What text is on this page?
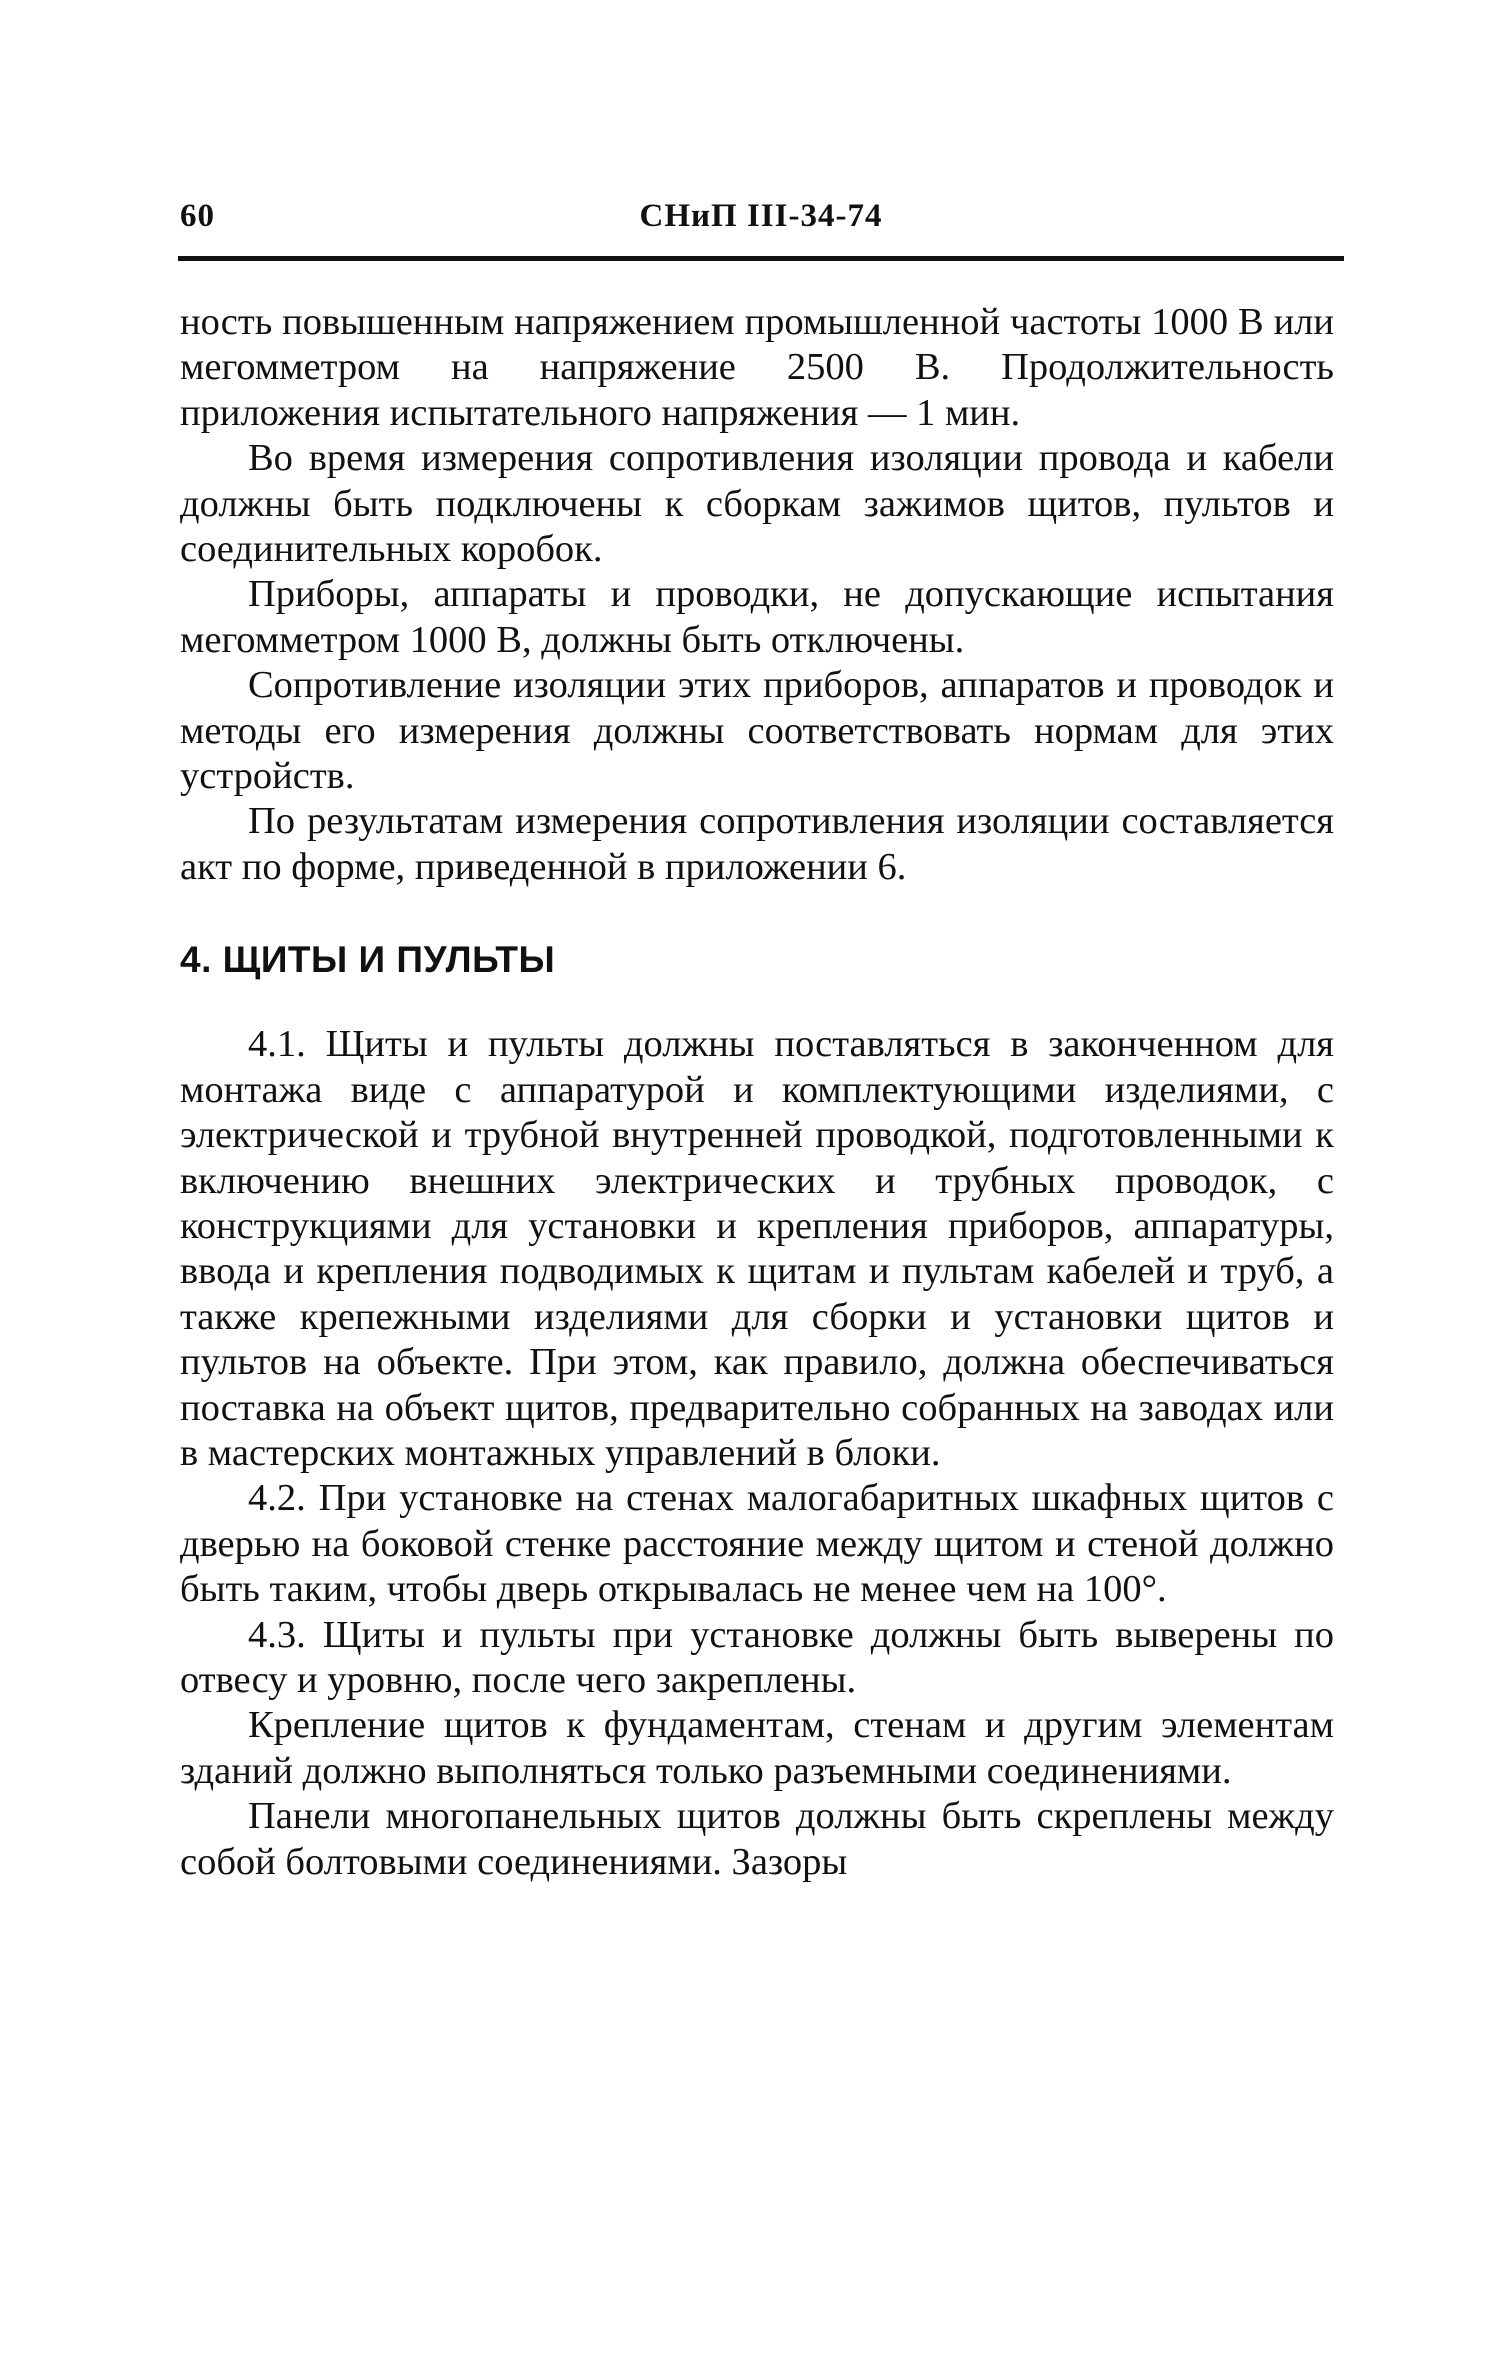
60	СНиП III-34-74

ность повышенным напряжением промышленной частоты 1000 В или мегомметром на напряжение 2500 В. Продолжительность приложения испытательного напряжения — 1 мин.

Во время измерения сопротивления изоляции провода и кабели должны быть подключены к сборкам зажимов щитов, пультов и соединительных коробок.

Приборы, аппараты и проводки, не допускающие испытания мегомметром 1000 В, должны быть отключены.

Сопротивление изоляции этих приборов, аппаратов и проводок и методы его измерения должны соответствовать нормам для этих устройств.

По результатам измерения сопротивления изоляции составляется акт по форме, приведенной в приложении 6.

4. ЩИТЫ И ПУЛЬТЫ

4.1. Щиты и пульты должны поставляться в законченном для монтажа виде с аппаратурой и комплектующими изделиями, с электрической и трубной внутренней проводкой, подготовленными к включению внешних электрических и трубных проводок, с конструкциями для установки и крепления приборов, аппаратуры, ввода и крепления подводимых к щитам и пультам кабелей и труб, а также крепежными изделиями для сборки и установки щитов и пультов на объекте. При этом, как правило, должна обеспечиваться поставка на объект щитов, предварительно собранных на заводах или в мастерских монтажных управлений в блоки.

4.2. При установке на стенах малогабаритных шкафных щитов с дверью на боковой стенке расстояние между щитом и стеной должно быть таким, чтобы дверь открывалась не менее чем на 100°.

4.3. Щиты и пульты при установке должны быть выверены по отвесу и уровню, после чего закреплены.

Крепление щитов к фундаментам, стенам и другим элементам зданий должно выполняться только разъемными соединениями.

Панели многопанельных щитов должны быть скреплены между собой болтовыми соединениями. Зазоры
